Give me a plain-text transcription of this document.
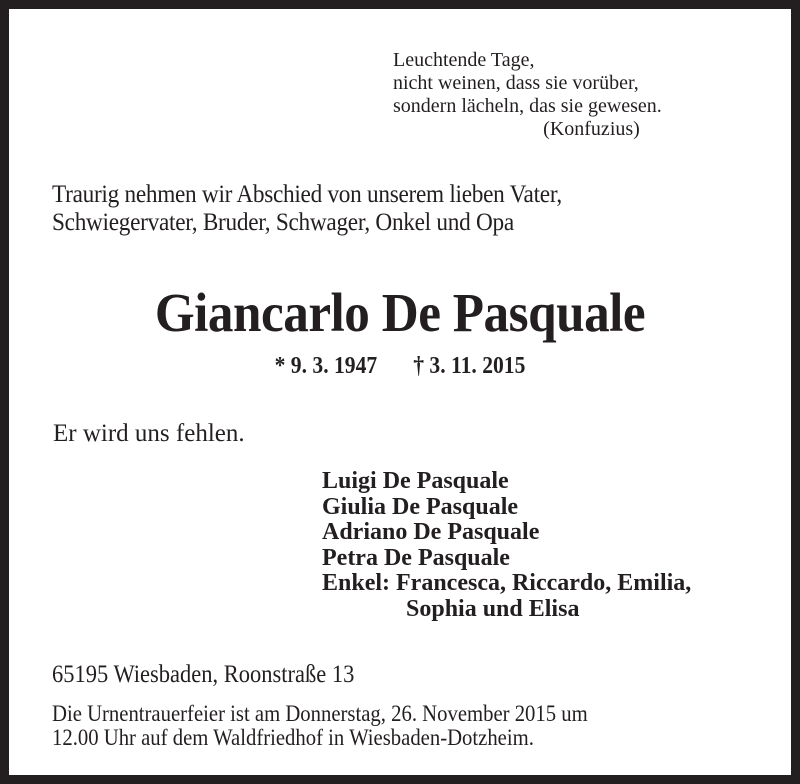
Leuchtende Tage,
nicht weinen, dass sie vorüber,
sondern lächeln, das sie gewesen.
(Konfuzius)
Traurig nehmen wir Abschied von unserem lieben Vater,
Schwiegervater, Bruder, Schwager, Onkel und Opa
Giancarlo De Pasquale
* 9. 3. 1947 † 3. 11. 2015
Er wird uns fehlen.
Luigi De Pasquale
Giulia De Pasquale
Adriano De Pasquale
Petra De Pasquale
Enkel: Francesca, Riccardo, Emilia,
Sophia und Elisa
65195 Wiesbaden, Roonstraße 13
Die Urnentrauerfeier ist am Donnerstag, 26. November 2015 um
12.00 Uhr auf dem Waldfriedhof in Wiesbaden-Dotzheim.
